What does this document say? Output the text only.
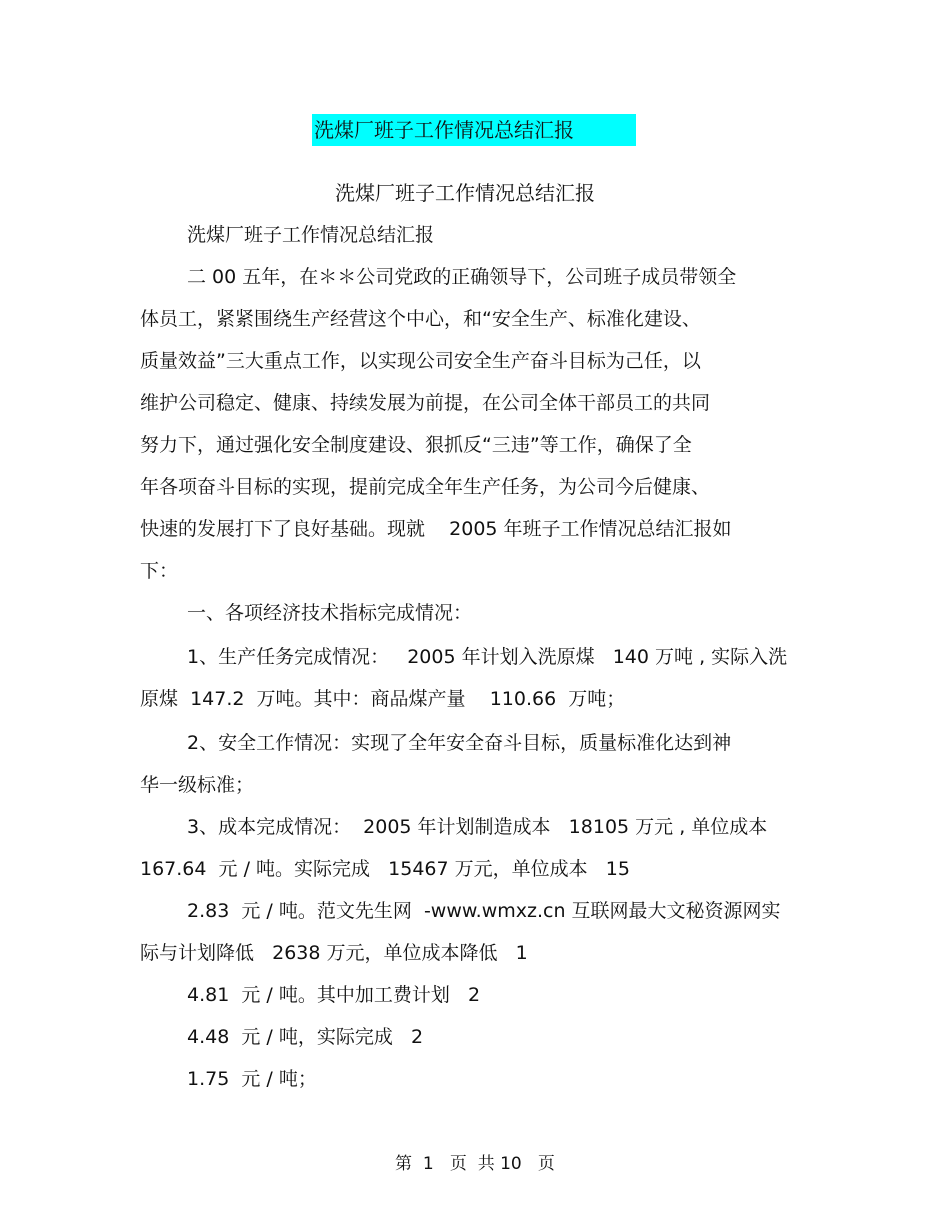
洗煤厂班子工作情况总结汇报
洗煤厂班子工作情况总结汇报
洗煤厂班子工作情况总结汇报
二 00 五年，在＊＊公司党政的正确领导下，公司班子成员带领全
体员工，紧紧围绕生产经营这个中心，和“安全生产、标准化建设、
质量效益”三大重点工作，以实现公司安全生产奋斗目标为己任，以
维护公司稳定、健康、持续发展为前提，在公司全体干部员工的共同
努力下，通过强化安全制度建设、狠抓反“三违”等工作，确保了全
年各项奋斗目标的实现，提前完成全年生产任务，为公司今后健康、
快速的发展打下了良好基础。现就    2005 年班子工作情况总结汇报如
下：
一、各项经济技术指标完成情况：
1、生产任务完成情况：   2005 年计划入洗原煤   140 万吨 , 实际入洗
原煤  147.2  万吨。其中：商品煤产量    110.66  万吨；
2、安全工作情况：实现了全年安全奋斗目标，质量标准化达到神
华一级标准；
3、成本完成情况：  2005 年计划制造成本   18105 万元 , 单位成本
167.64  元 / 吨。实际完成   15467 万元，单位成本   15
2.83  元 / 吨。范文先生网  -www.wmxz.cn 互联网最大文秘资源网实
际与计划降低   2638 万元，单位成本降低   1
4.81  元 / 吨。其中加工费计划   2
4.48  元 / 吨，实际完成   2
1.75  元 / 吨；
第  1   页  共 10   页
